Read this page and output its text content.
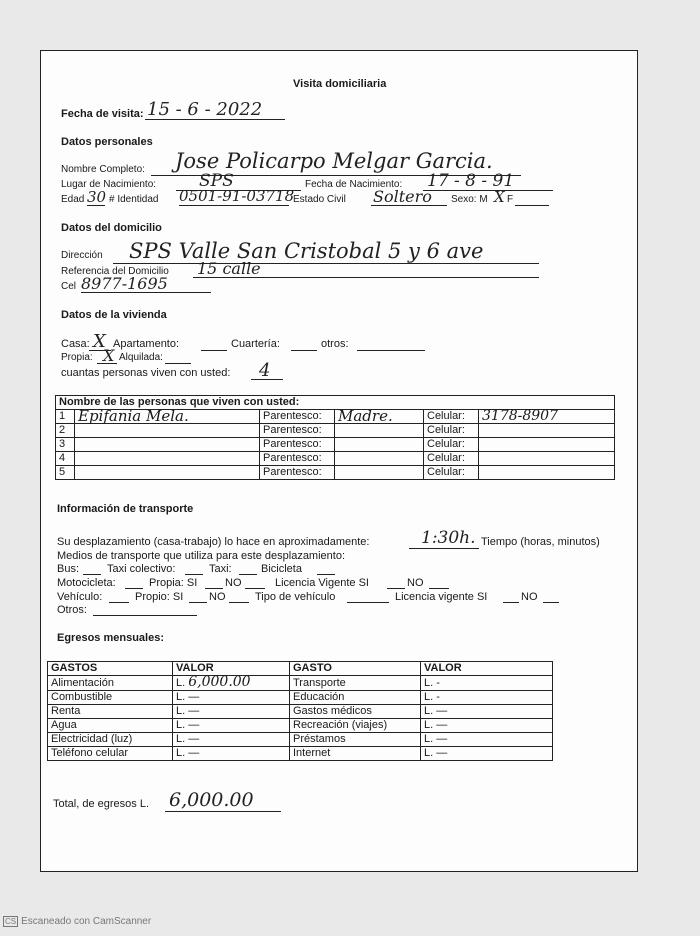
Visita domiciliaria
Fecha de visita: 15 - 6 - 2022
Datos personales
Nombre Completo: Jose Policarpo Melgar Garcia.
Lugar de Nacimiento:	SPS	Fecha de Nacimiento: 17 - 8 - 91
Edad 30 # Identidad 0501-91-03718
Estado Civil Soltero Sexo: M X F
Datos del domicilio
Dirección SPS Valle San Cristobal 5 y 6 ave
Referencia del Domicilio 15 calle
Cel 8977-1695
Datos de la vivienda
Casa: X Apartamento:	Cuartería:	otros:
Propia: X Alquilada:
cuantas personas viven con usted: 4
Nombre de las personas que viven con usted:					
1	Epifania Mela.	Parentesco:	Madre.	Celular:	3178-8907
2		Parentesco:		Celular:	
3		Parentesco:		Celular:	
4		Parentesco:		Celular:	
5		Parentesco:		Celular:	
Información de transporte
Su desplazamiento (casa-trabajo) lo hace en aproximadamente:	1:30h. Tiempo (horas, minutos)
Medios de transporte que utiliza para este desplazamiento:
Bus:	Taxi colectivo:	Taxi:	Bicicleta
Motocicleta:	Propia: SI	NO	Licencia Vigente SI	NO
Vehículo:	Propio: SI NO	Tipo de vehículo	Licencia vigente SI	NO
Otros:
Egresos mensuales:
GASTOS	VALOR	GASTO	VALOR
Alimentación	L. 6,000.00	Transporte	L. -
Combustible	L. —	Educación	L. -
Renta	L. —	Gastos médicos	L. —
Agua	L. —	Recreación (viajes)	L. —
Electricidad (luz)	L. —	Préstamos	L. —
Teléfono celular	L. —	Internet	L. —
Total, de egresos L. 6,000.00
CS Escaneado con CamScanner
